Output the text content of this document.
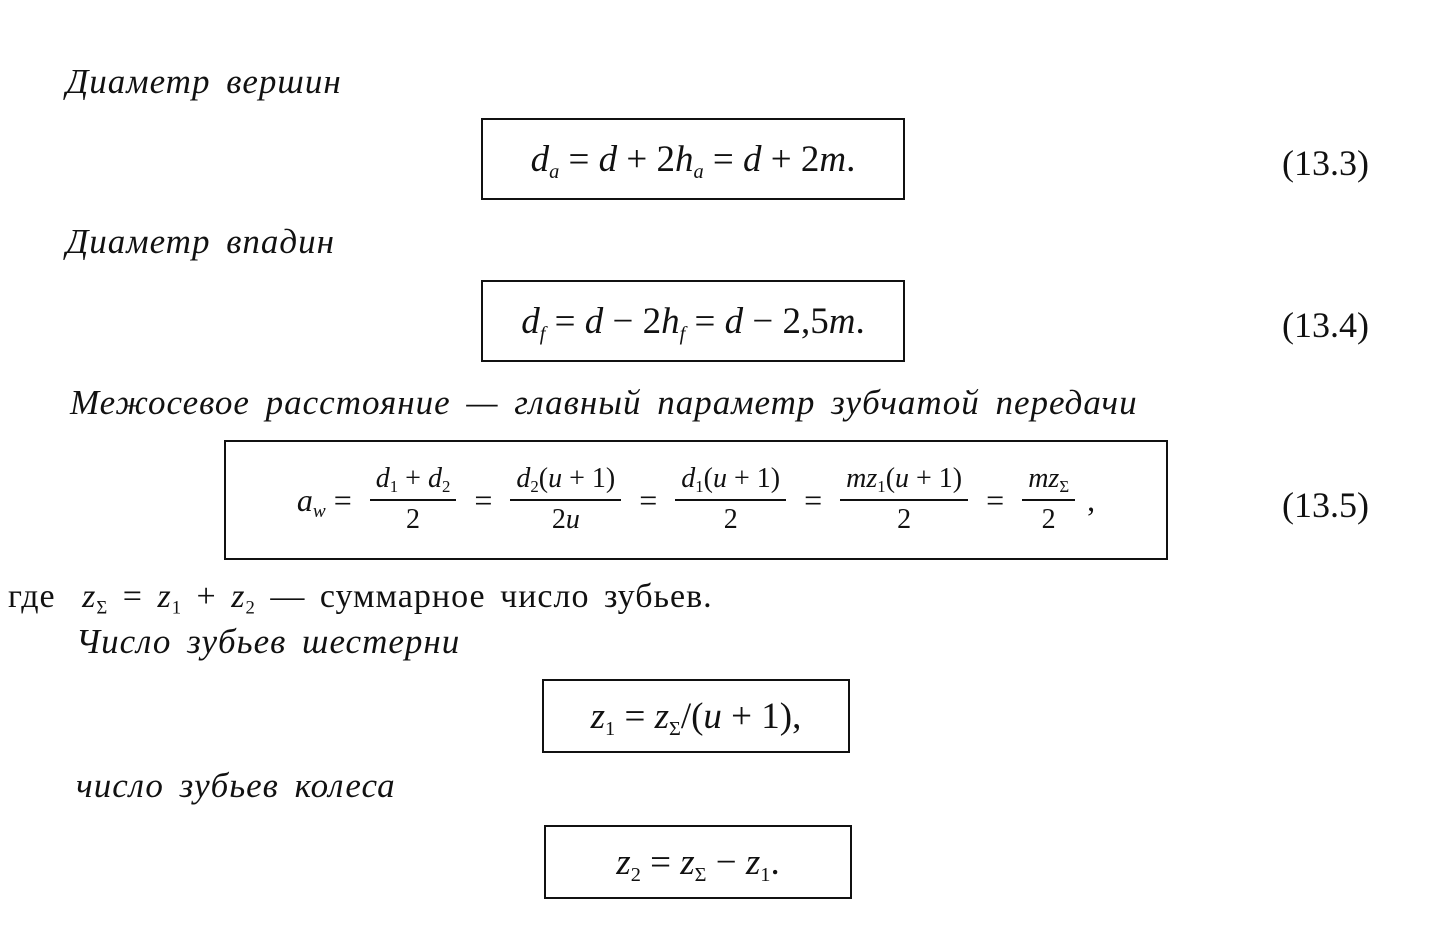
Диаметр вершин
$d_a = d + 2h_a = d + 2m$.	(13.3)
Диаметр впадин
$d_f = d - 2h_f = d - 2,5m$.	(13.4)
Межосевое расстояние — главный параметр зубчатой передачи
$a_w = \frac{d_1 + d_2}{2} = \frac{d_2(u + 1)}{2u} = \frac{d_1(u + 1)}{2} = \frac{mz_1(u + 1)}{2} = \frac{mz_\Sigma}{2}$ ,	(13.5)
где $z_\Sigma = z_1 + z_2$ — суммарное число зубьев.
Число зубьев шестерни
$z_1 = z_\Sigma/(u + 1)$,
число зубьев колеса
$z_2 = z_\Sigma - z_1$.
